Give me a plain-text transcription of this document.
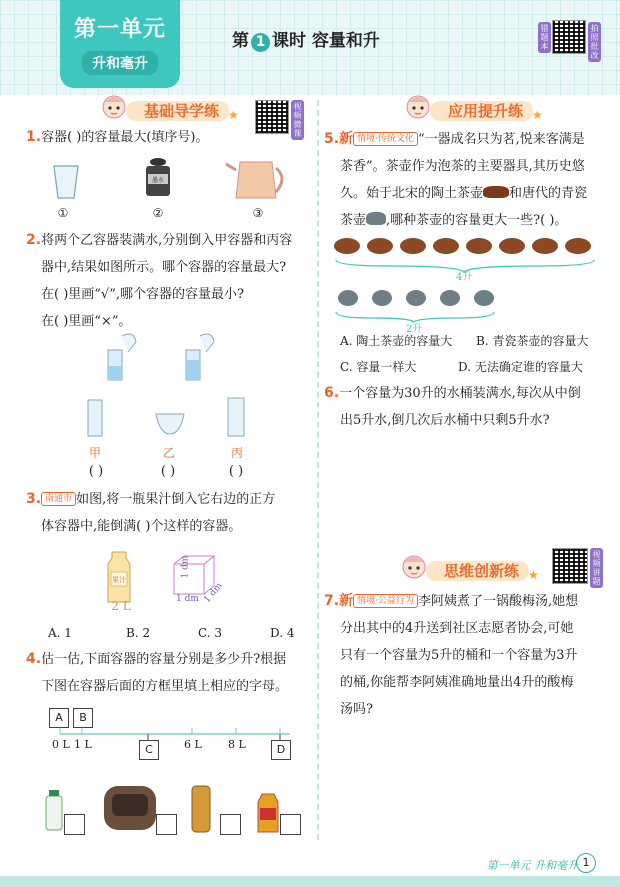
第一单元
升和毫升
第 1 课时 容量和升
错题本
拍照批改
基础导学练 ★
视频微课
应用提升练 ★
思维创新练 ★
视频讲题
1.容器( )的容量最大(填序号)。
墨水
①	②	③
2.将两个乙容器装满水,分别倒入甲容器和丙容
器中,结果如图所示。哪个容器的容量最大?
在( )里画“√”,哪个容器的容量最小?
在( )里画“×”。
甲	乙	丙
( )	( )	( )
3. 南通市 如图,将一瓶果汁倒入它右边的正方
体容器中,能倒满( )个这样的容器。
果汁
2 L
1 dm
1 dm 1 dm
A. 1	B. 2	C. 3	D. 4
4.估一估,下面容器的容量分别是多少升?根据
下图在容器后面的方框里填上相应的字母。
A	B
C	D
0 L 1 L	6 L 8 L
5.新 情境·传统文化 “一器成名只为茗,悦来客满是
茶香”。茶壶作为泡茶的主要器具,其历史悠
久。始于北宋的陶土茶壶 和唐代的青瓷
茶壶 ,哪种茶壶的容量更大一些?( )。
4升
2升
A. 陶土茶壶的容量大 B. 青瓷茶壶的容量大
C. 容量一样大	D. 无法确定谁的容量大
6.一个容量为30升的水桶装满水,每次从中倒
出5升水,倒几次后水桶中只剩5升水?
7.新 情境·公益行为 李阿姨煮了一锅酸梅汤,她想
分出其中的4升送到社区志愿者协会,可她
只有一个容量为5升的桶和一个容量为3升
的桶,你能帮李阿姨准确地量出4升的酸梅
汤吗?
第一单元 升和毫升 1
